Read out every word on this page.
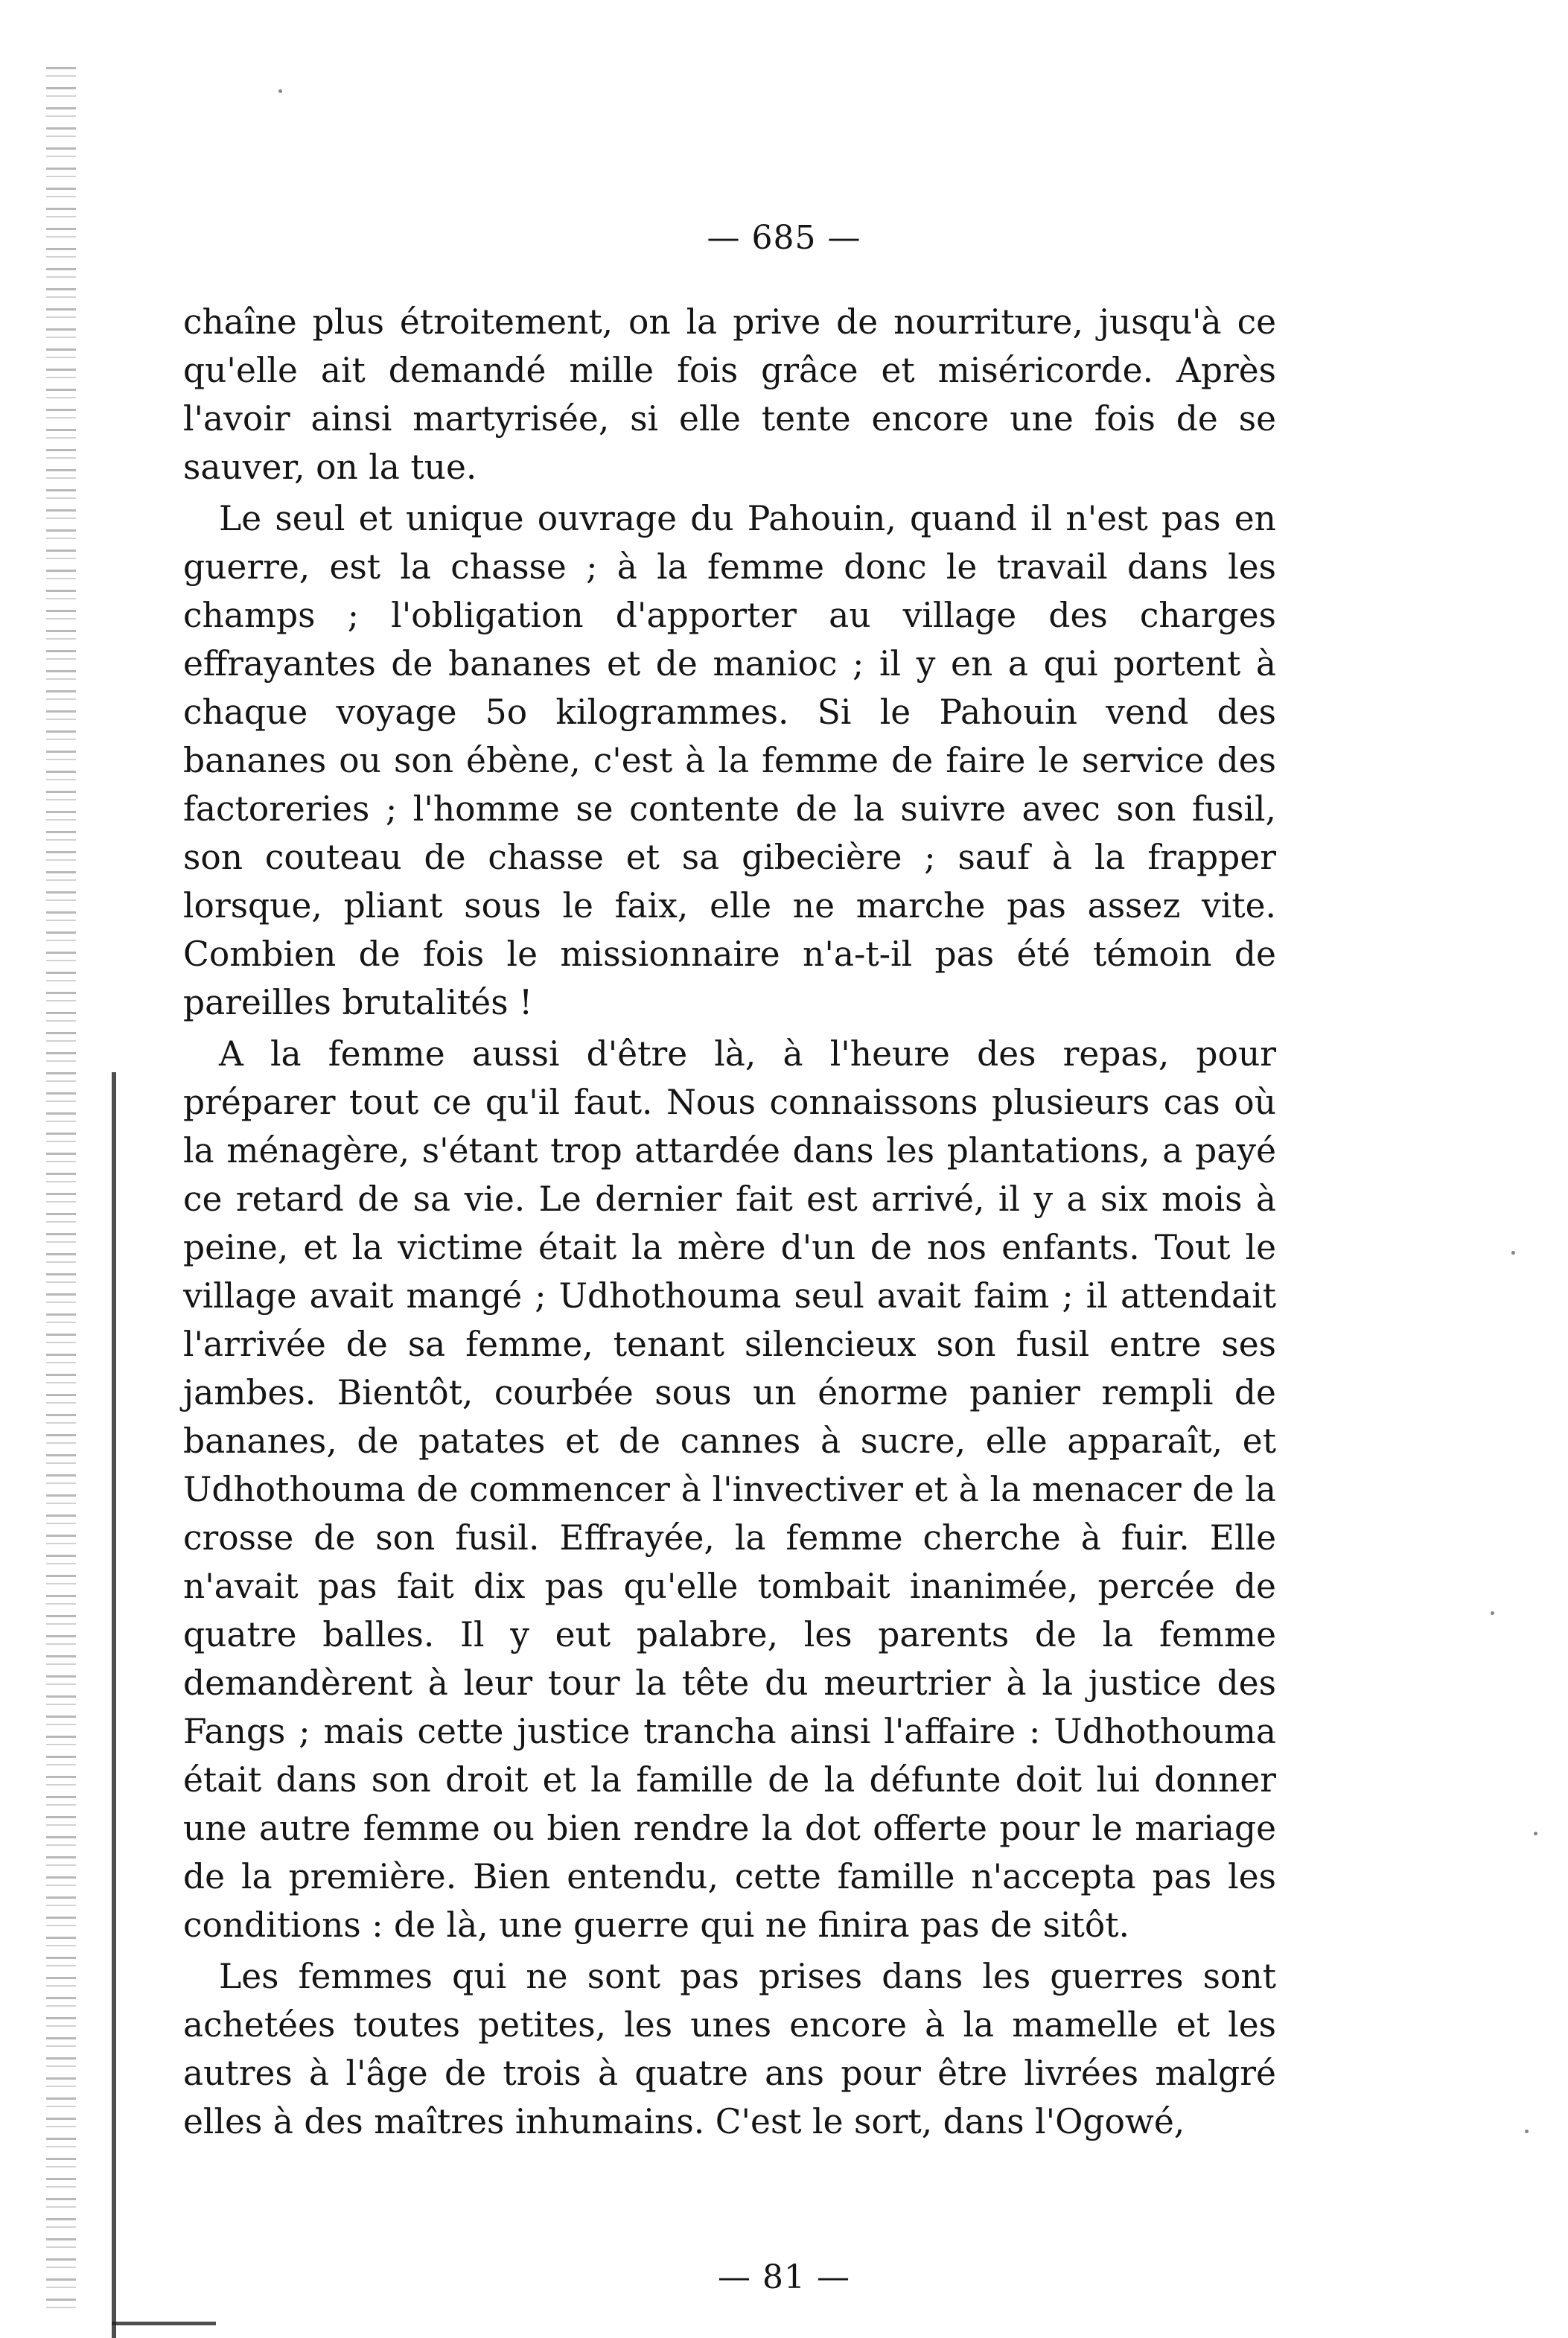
— 685 —

chaîne plus étroitement, on la prive de nourriture, jusqu'à ce qu'elle ait demandé mille fois grâce et miséricorde. Après l'avoir ainsi martyrisée, si elle tente encore une fois de se sauver, on la tue.

Le seul et unique ouvrage du Pahouin, quand il n'est pas en guerre, est la chasse ; à la femme donc le travail dans les champs ; l'obligation d'apporter au village des charges effrayantes de bananes et de manioc ; il y en a qui portent à chaque voyage 5o kilogrammes. Si le Pahouin vend des bananes ou son ébène, c'est à la femme de faire le service des factoreries ; l'homme se contente de la suivre avec son fusil, son couteau de chasse et sa gibecière ; sauf à la frapper lorsque, pliant sous le faix, elle ne marche pas assez vite. Combien de fois le missionnaire n'a-t-il pas été témoin de pareilles brutalités !

A la femme aussi d'être là, à l'heure des repas, pour préparer tout ce qu'il faut. Nous connaissons plusieurs cas où la ménagère, s'étant trop attardée dans les plantations, a payé ce retard de sa vie. Le dernier fait est arrivé, il y a six mois à peine, et la victime était la mère d'un de nos enfants. Tout le village avait mangé ; Udhothouma seul avait faim ; il attendait l'arrivée de sa femme, tenant silencieux son fusil entre ses jambes. Bientôt, courbée sous un énorme panier rempli de bananes, de patates et de cannes à sucre, elle apparaît, et Udhothouma de commencer à l'invectiver et à la menacer de la crosse de son fusil. Effrayée, la femme cherche à fuir. Elle n'avait pas fait dix pas qu'elle tombait inanimée, percée de quatre balles. Il y eut palabre, les parents de la femme demandèrent à leur tour la tête du meurtrier à la justice des Fangs ; mais cette justice trancha ainsi l'affaire : Udhothouma était dans son droit et la famille de la défunte doit lui donner une autre femme ou bien rendre la dot offerte pour le mariage de la première. Bien entendu, cette famille n'accepta pas les conditions : de là, une guerre qui ne finira pas de sitôt.

Les femmes qui ne sont pas prises dans les guerres sont achetées toutes petites, les unes encore à la mamelle et les autres à l'âge de trois à quatre ans pour être livrées malgré elles à des maîtres inhumains. C'est le sort, dans l'Ogowé,

— 81 —
